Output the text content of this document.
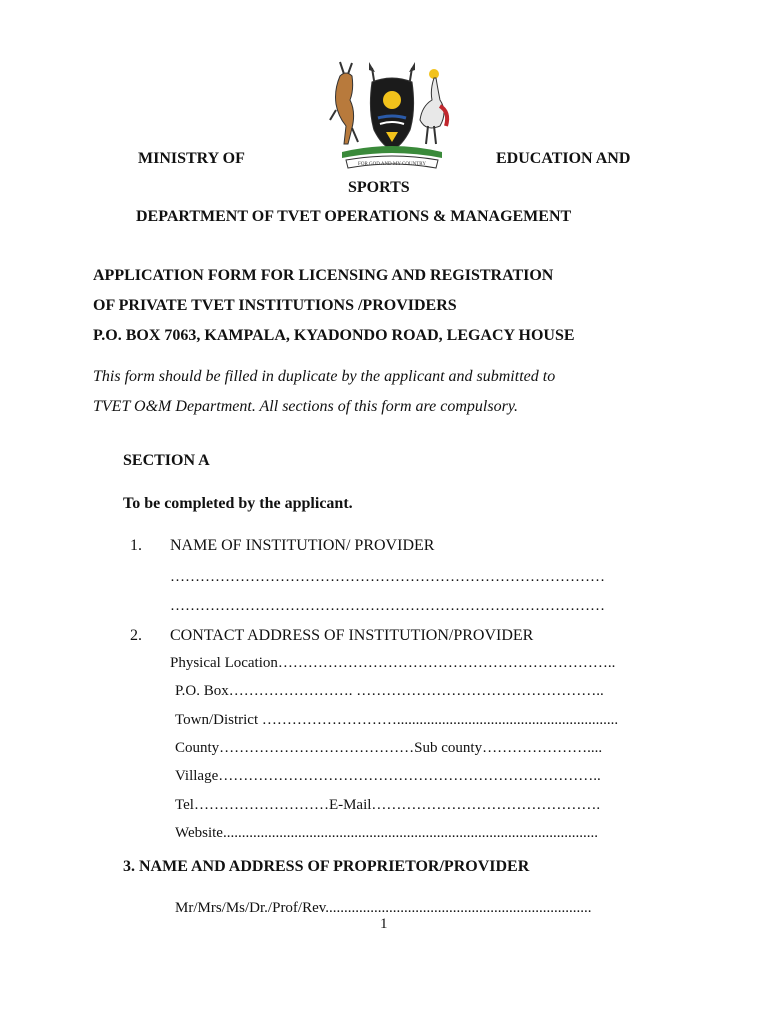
FOR GOD AND MY COUNTRY
MINISTRY OF	EDUCATION AND
SPORTS
DEPARTMENT OF TVET OPERATIONS & MANAGEMENT
APPLICATION FORM FOR LICENSING AND REGISTRATION
OF PRIVATE TVET INSTITUTIONS /PROVIDERS
P.O. BOX 7063, KAMPALA, KYADONDO ROAD, LEGACY HOUSE
This form should be filled in duplicate by the applicant and submitted to
TVET O&M Department. All sections of this form are compulsory.
SECTION A
To be completed by the applicant.
1. NAME OF INSTITUTION/ PROVIDER
……………………………………………………………………………
……………………………………………………………………………
2. CONTACT ADDRESS OF INSTITUTION/PROVIDER
Physical Location…………………………………………………………..
P.O. Box……………………. …………………………………………..
Town/District ………………………...........................................................
County…………………………………Sub county…………………....
Village…………………………………………………………………..
Tel………………………E-Mail……………………………………….
Website....................................................................................................
3. NAME AND ADDRESS OF PROPRIETOR/PROVIDER
Mr/Mrs/Ms/Dr./Prof/Rev.......................................................................
1
